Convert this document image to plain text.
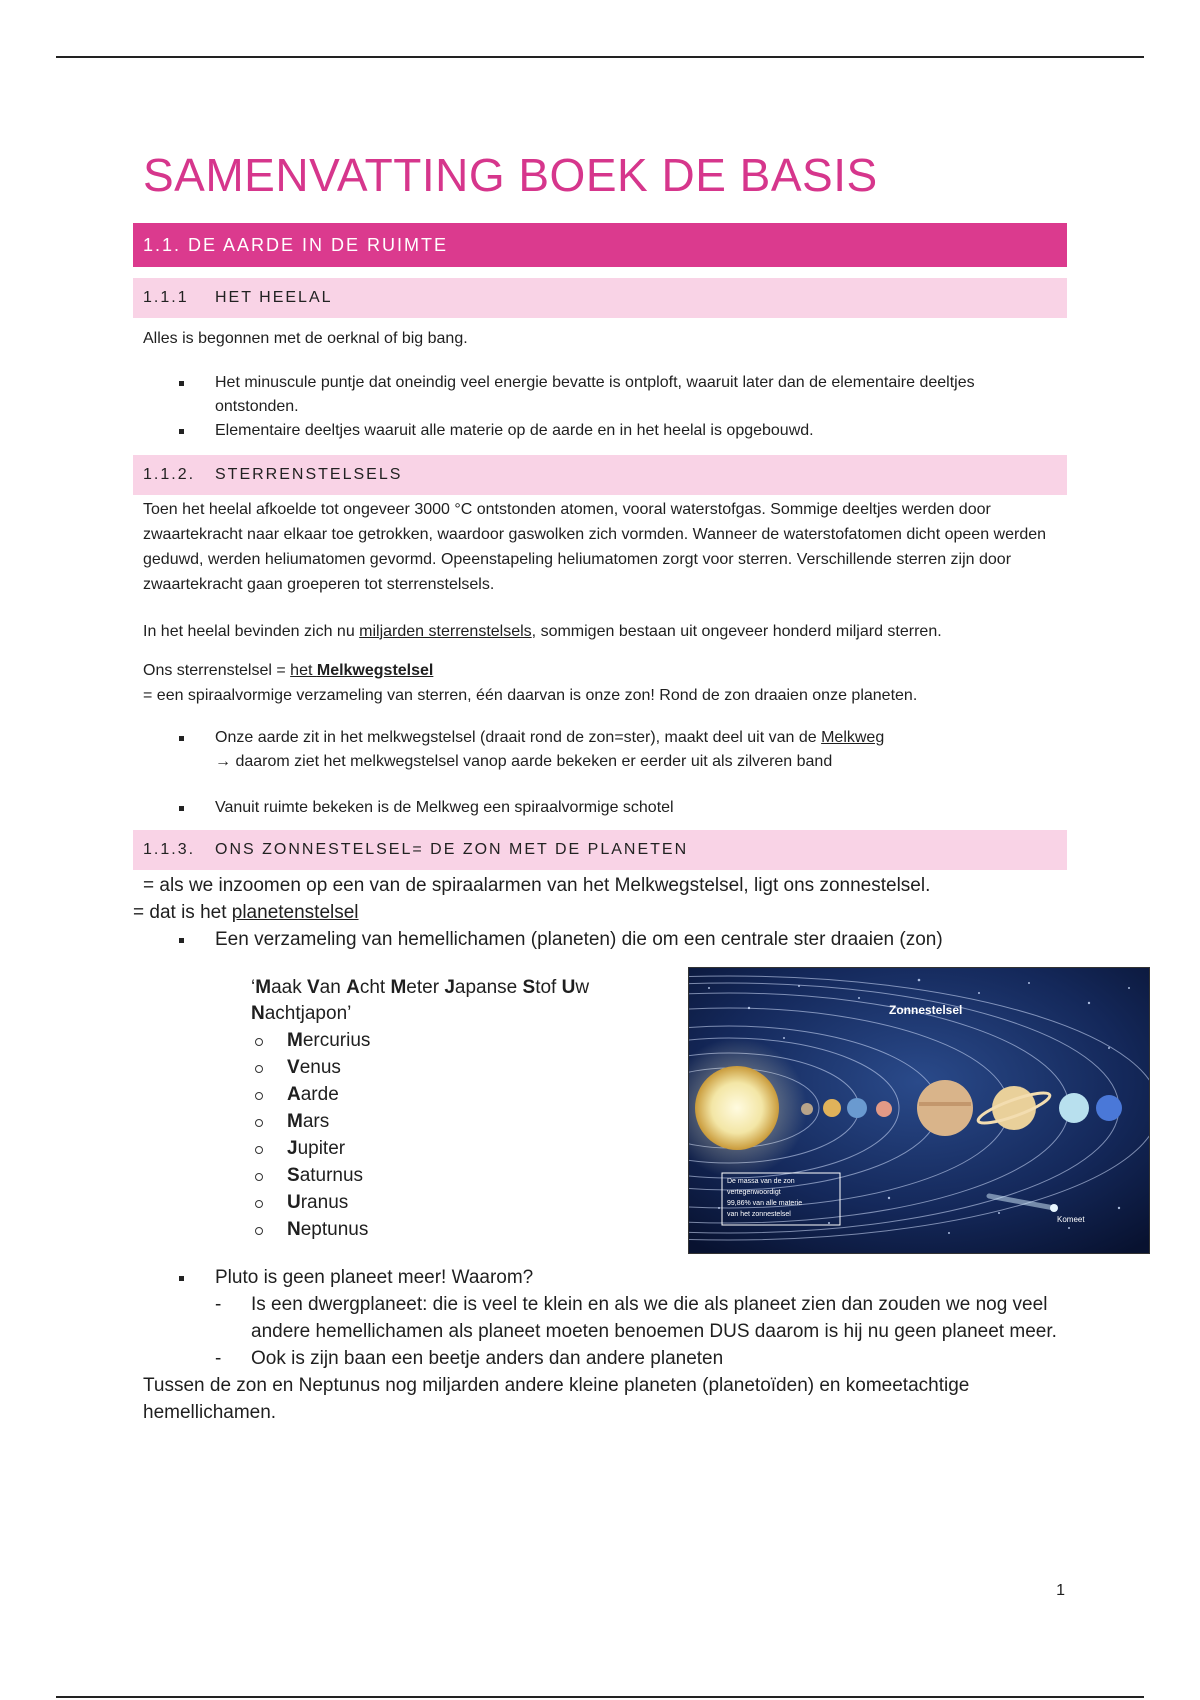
SAMENVATTING BOEK DE BASIS
1.1. DE AARDE IN DE RUIMTE
1.1.1 HET HEELAL

Alles is begonnen met de oerknal of big bang.

Het minuscule puntje dat oneindig veel energie bevatte is ontploft, waaruit later dan de elementaire deeltjes ontstonden.
Elementaire deeltjes waaruit alle materie op de aarde en in het heelal is opgebouwd.
1.1.2. STERRENSTELSELS

Toen het heelal afkoelde tot ongeveer 3000 °C ontstonden atomen, vooral waterstofgas. Sommige deeltjes werden door zwaartekracht naar elkaar toe getrokken, waardoor gaswolken zich vormden. Wanneer de waterstofatomen dicht opeen werden geduwd, werden heliumatomen gevormd. Opeenstapeling heliumatomen zorgt voor sterren. Verschillende sterren zijn door zwaartekracht gaan groeperen tot sterrenstelsels.

In het heelal bevinden zich nu miljarden sterrenstelsels, sommigen bestaan uit ongeveer honderd miljard sterren.

Ons sterrenstelsel = het Melkwegstelsel

= een spiraalvormige verzameling van sterren, één daarvan is onze zon! Rond de zon draaien onze planeten.

Onze aarde zit in het melkwegstelsel (draait rond de zon=ster), maakt deel uit van de Melkweg
→ daarom ziet het melkwegstelsel vanop aarde bekeken er eerder uit als zilveren band
Vanuit ruimte bekeken is de Melkweg een spiraalvormige schotel
1.1.3. ONS ZONNESTELSEL= DE ZON MET DE PLANETEN

= als we inzoomen op een van de spiraalarmen van het Melkwegstelsel, ligt ons zonnestelsel.

= dat is het planetenstelsel

Een verzameling van hemellichamen (planeten) die om een centrale ster draaien (zon)
‘Maak Van Acht Meter Japanse Stof Uw Nachtjapon’
Mercurius
Venus
Aarde
Mars
Jupiter
Saturnus
Uranus
Neptunus
Zonnestelsel
De massa van de zon
vertegenwoordigt
99,86% van alle materie
van het zonnestelsel
Komeet
Pluto is geen planeet meer! Waarom?
- Is een dwergplaneet: die is veel te klein en als we die als planeet zien dan zouden we nog veel andere hemellichamen als planeet moeten benoemen DUS daarom is hij nu geen planeet meer.
- Ook is zijn baan een beetje anders dan andere planeten

Tussen de zon en Neptunus nog miljarden andere kleine planeten (planetoïden) en komeetachtige hemellichamen.

1
